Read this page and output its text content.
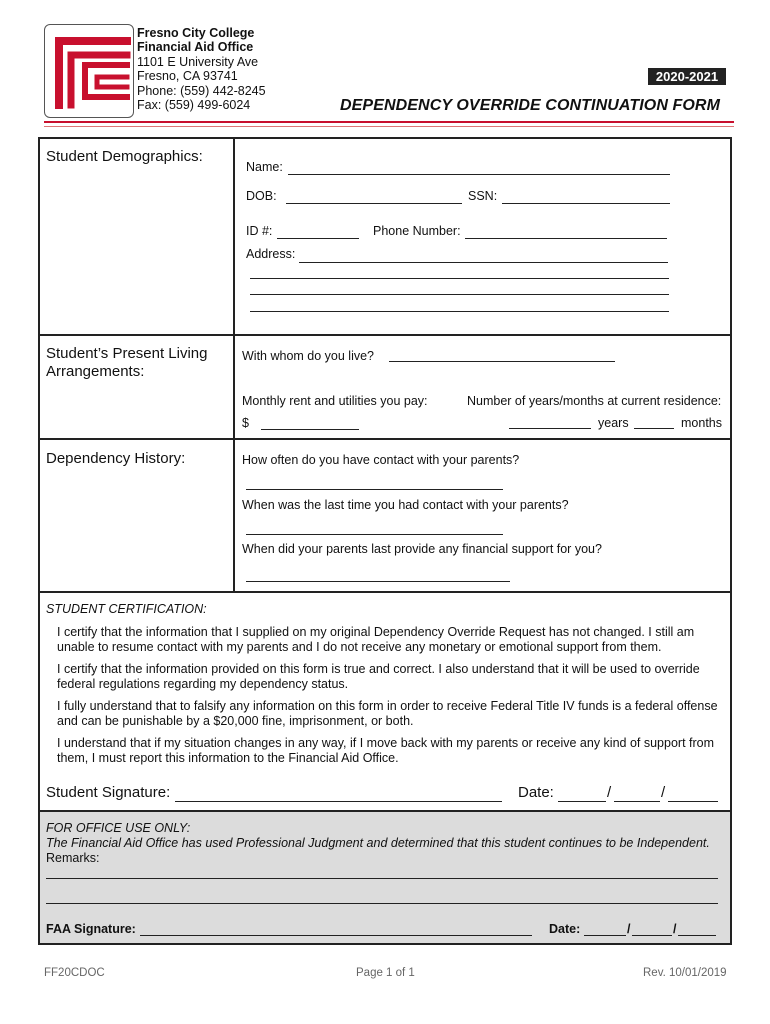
Fresno City College
Financial Aid Office
1101 E University Ave
Fresno, CA 93741
Phone: (559) 442-8245
Fax: (559) 499-6024
2020-2021
DEPENDENCY OVERRIDE CONTINUATION FORM
Student Demographics:
Name:
DOB:	SSN:
ID #:	Phone Number:
Address:
Student’s Present Living Arrangements:
With whom do you live?
Monthly rent and utilities you pay:	Number of years/months at current residence:
$	years	months
Dependency History:	How often do you have contact with your parents?
When was the last time you had contact with your parents?
When did your parents last provide any financial support for you?
STUDENT CERTIFICATION:
I certify that the information that I supplied on my original Dependency Override Request has not changed. I still am unable to resume contact with my parents and I do not receive any monetary or emotional support from them.
I certify that the information provided on this form is true and correct. I also understand that it will be used to override federal regulations regarding my dependency status.
I fully understand that to falsify any information on this form in order to receive Federal Title IV funds is a federal offense and can be punishable by a $20,000 fine, imprisonment, or both.
I understand that if my situation changes in any way, if I move back with my parents or receive any kind of support from them, I must report this information to the Financial Aid Office.
Student Signature:	Date:	/	/
FOR OFFICE USE ONLY:
The Financial Aid Office has used Professional Judgment and determined that this student continues to be Independent.
Remarks:
FAA Signature:	Date:	/	/
FF20CDOC	Page 1 of 1	Rev. 10/01/2019
